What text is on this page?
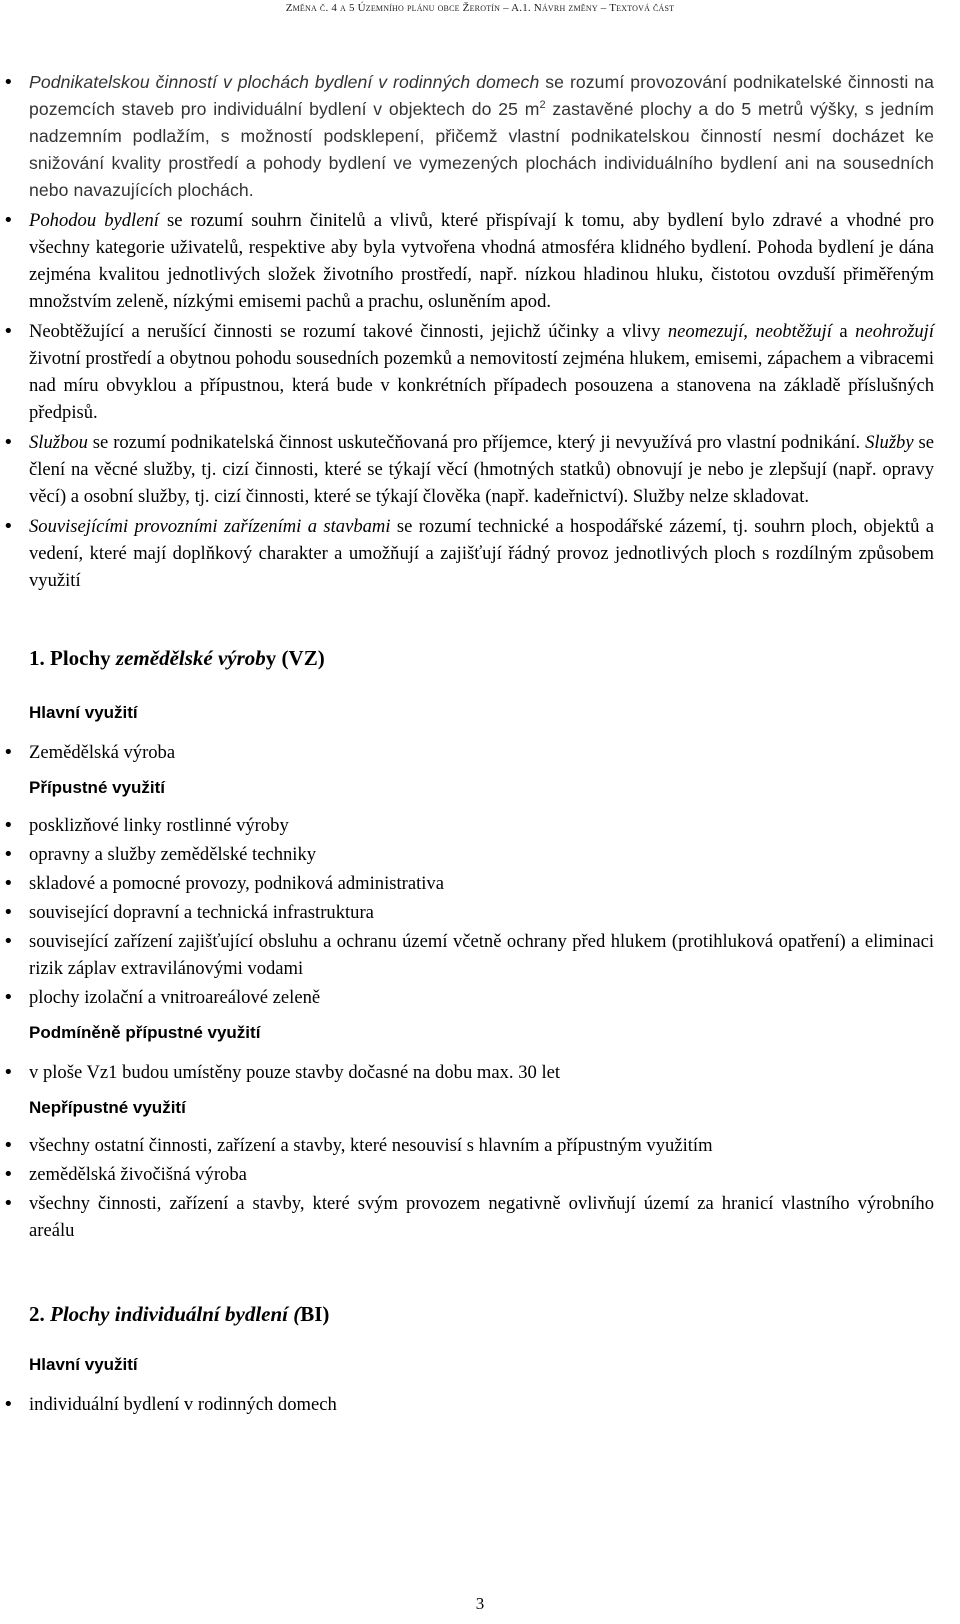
Změna č. 4 a 5 Územního plánu obce Žerotín – A.1. Návrh změny – Textová část
• Podnikatelskou činností v plochách bydlení v rodinných domech se rozumí provozování podnikatelské činnosti na pozemcích staveb pro individuální bydlení v objektech do 25 $m^2$ zastavěné plochy a do 5 metrů výšky, s jedním nadzemním podlažím, s možností podsklepení, přičemž vlastní podnikatelskou činností nesmí docházet ke snižování kvality prostředí a pohody bydlení ve vymezených plochách individuálního bydlení ani na sousedních nebo navazujících plochách.
• Pohodou bydlení se rozumí souhrn činitelů a vlivů, které přispívají k tomu, aby bydlení bylo zdravé a vhodné pro všechny kategorie uživatelů, respektive aby byla vytvořena vhodná atmosféra klidného bydlení. Pohoda bydlení je dána zejména kvalitou jednotlivých složek životního prostředí, např. nízkou hladinou hluku, čistotou ovzduší přiměřeným množstvím zeleně, nízkými emisemi pachů a prachu, osluněním apod.
• Neobtěžující a nerušící činnosti se rozumí takové činnosti, jejichž účinky a vlivy neomezují, neobtěžují a neohrožují životní prostředí a obytnou pohodu sousedních pozemků a nemovitostí zejména hlukem, emisemi, zápachem a vibracemi nad míru obvyklou a přípustnou, která bude v konkrétních případech posouzena a stanovena na základě příslušných předpisů.
• Službou se rozumí podnikatelská činnost uskutečňovaná pro příjemce, který ji nevyužívá pro vlastní podnikání. Služby se člení na věcné služby, tj. cizí činnosti, které se týkají věcí (hmotných statků) obnovují je nebo je zlepšují (např. opravy věcí) a osobní služby, tj. cizí činnosti, které se týkají člověka (např. kadeřnictví). Služby nelze skladovat.
• Souvisejícími provozními zařízeními a stavbami se rozumí technické a hospodářské zázemí, tj. souhrn ploch, objektů a vedení, které mají doplňkový charakter a umožňují a zajišťují řádný provoz jednotlivých ploch s rozdílným způsobem využití
1. Plochy zemědělské výroby (VZ)

Hlavní využití

• Zemědělská výroba

Přípustné využití

• posklizňové linky rostlinné výroby
• opravny a služby zemědělské techniky
• skladové a pomocné provozy, podniková administrativa
• související dopravní a technická infrastruktura
• související zařízení zajišťující obsluhu a ochranu území včetně ochrany před hlukem (protihluková opatření) a eliminaci rizik záplav extravilánovými vodami
• plochy izolační a vnitroareálové zeleně

Podmíněně přípustné využití

• v ploše Vz1 budou umístěny pouze stavby dočasné na dobu max. 30 let

Nepřípustné využití

• všechny ostatní činnosti, zařízení a stavby, které nesouvisí s hlavním a přípustným využitím
• zemědělská živočišná výroba
• všechny činnosti, zařízení a stavby, které svým provozem negativně ovlivňují území za hranicí vlastního výrobního areálu
2. Plochy individuální bydlení (BI)

Hlavní využití

• individuální bydlení v rodinných domech
3
